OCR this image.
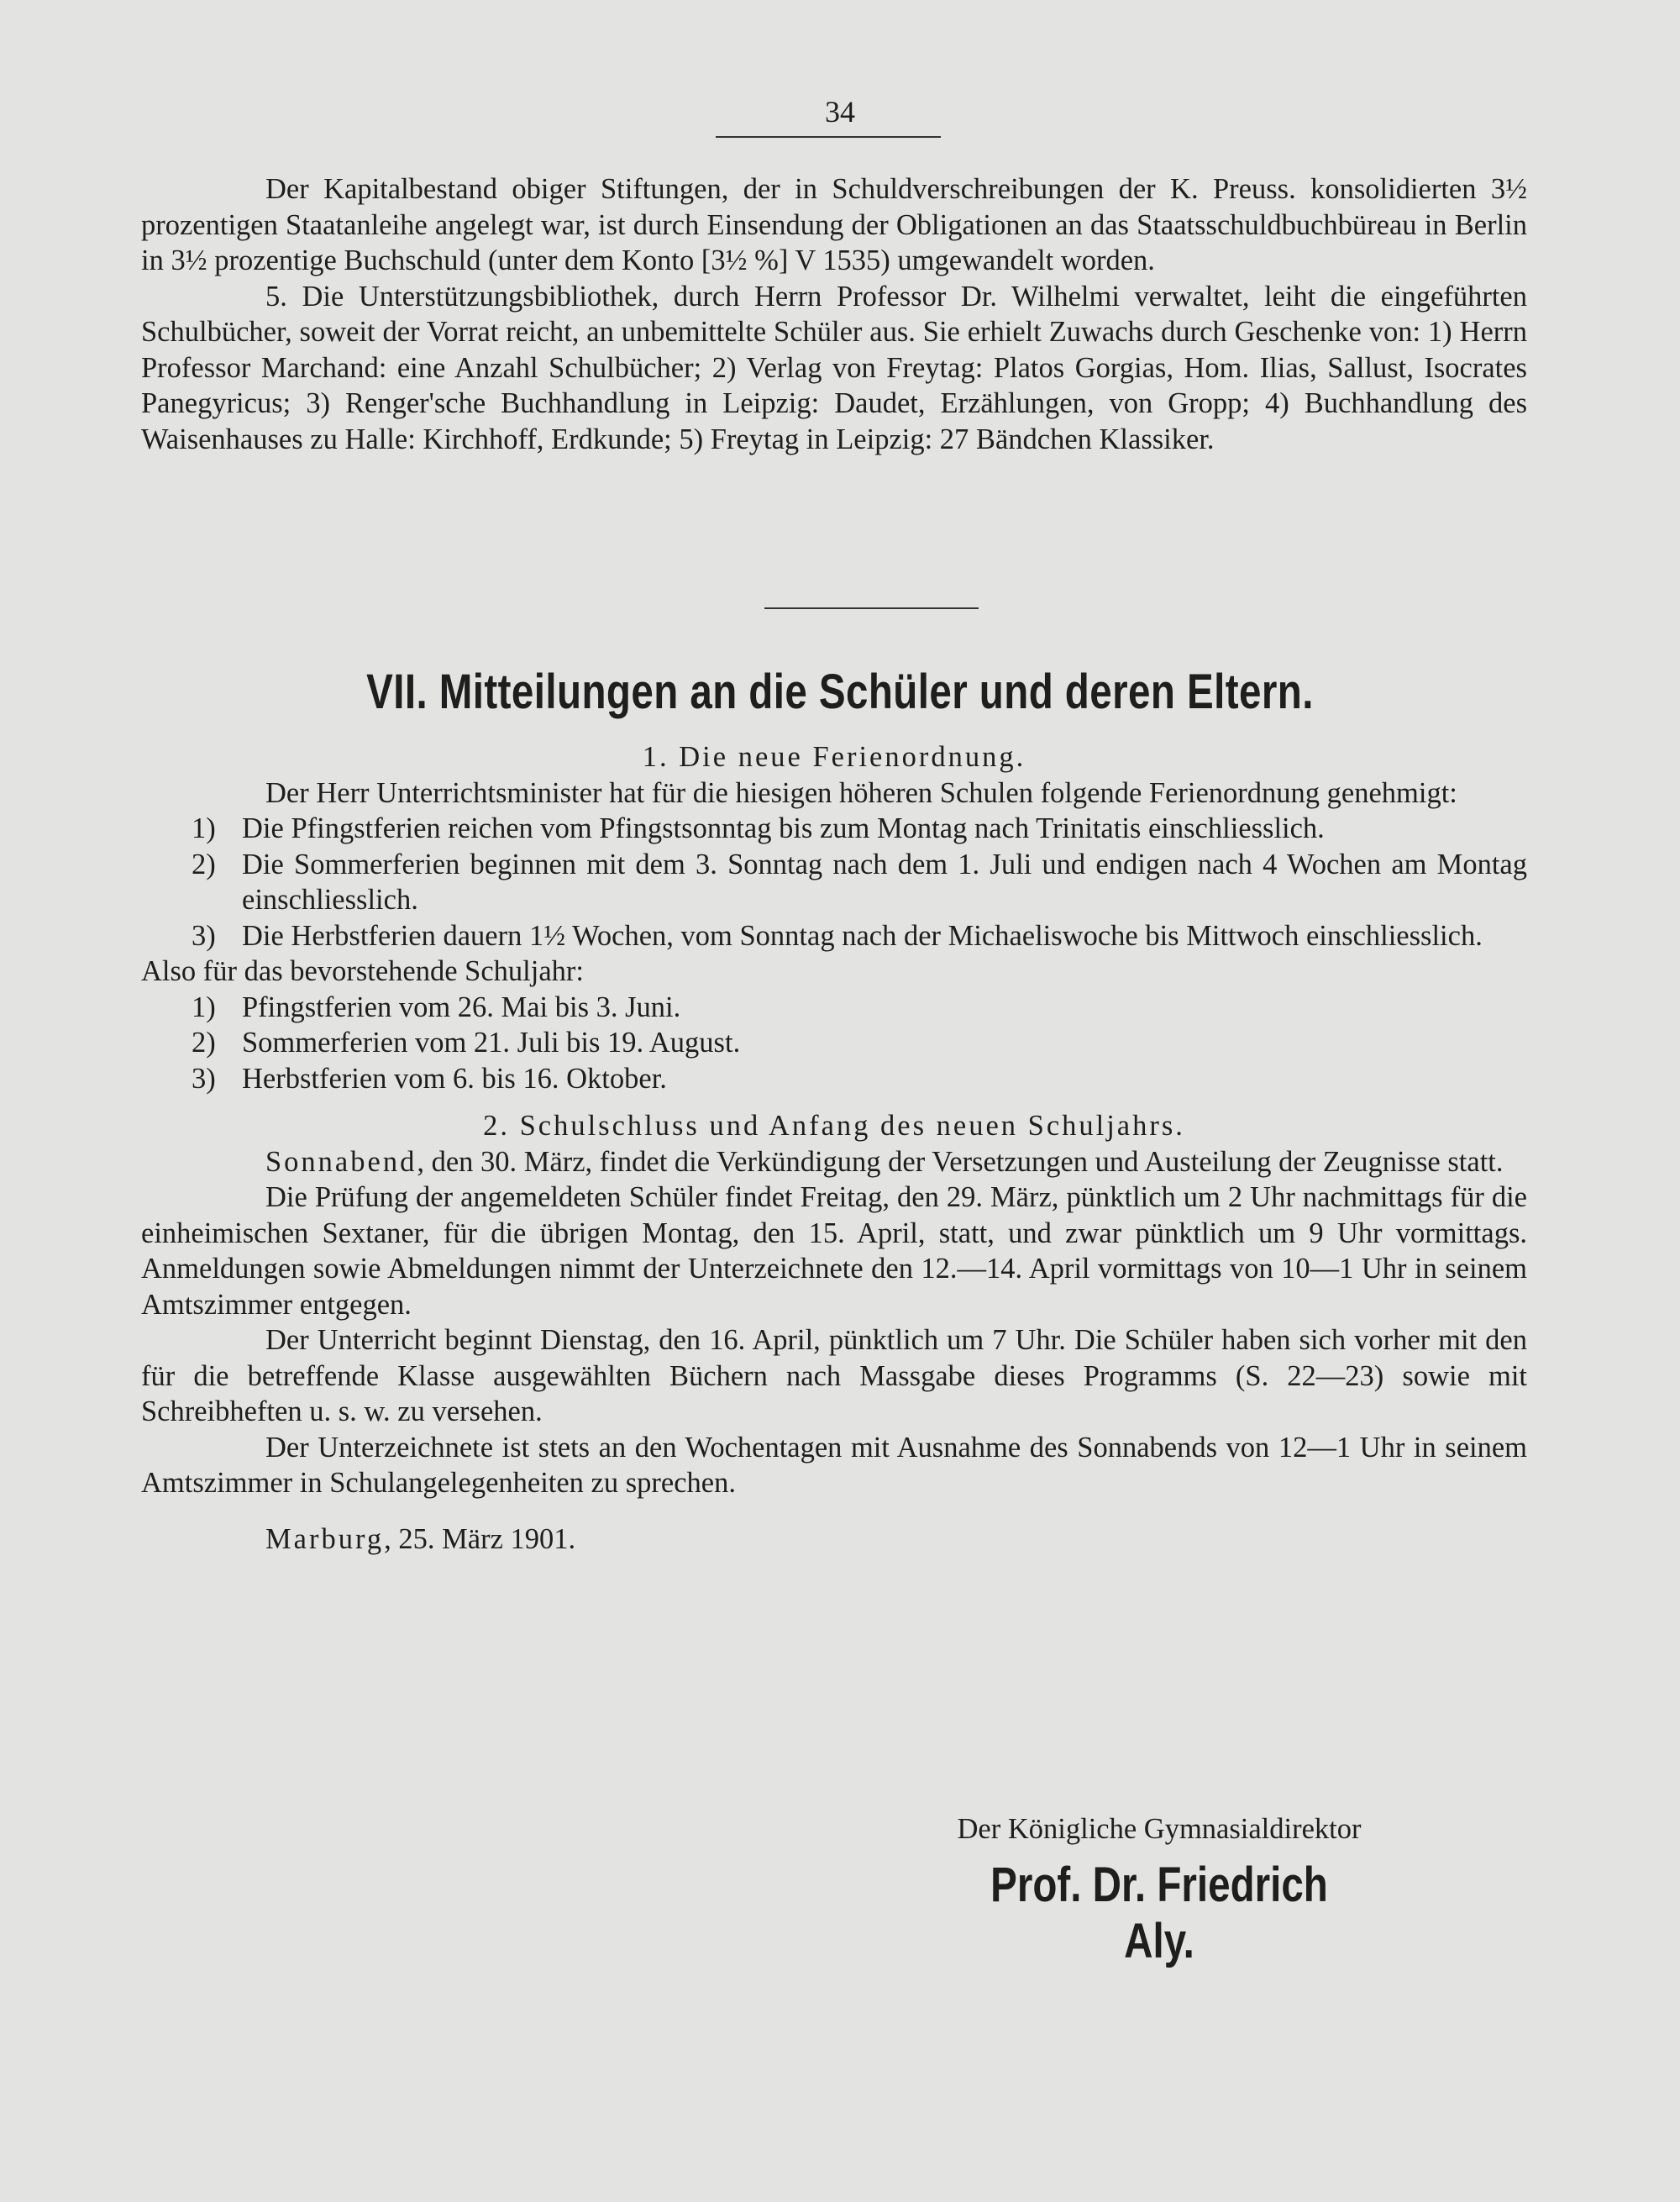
34

Der Kapitalbestand obiger Stiftungen, der in Schuldverschreibungen der K. Preuss. konsolidierten 3½ prozentigen Staatanleihe angelegt war, ist durch Einsendung der Obligationen an das Staatsschuldbuchbüreau in Berlin in 3½ prozentige Buchschuld (unter dem Konto [3½ %] V 1535) umgewandelt worden.

5. Die Unterstützungsbibliothek, durch Herrn Professor Dr. Wilhelmi verwaltet, leiht die eingeführten Schulbücher, soweit der Vorrat reicht, an unbemittelte Schüler aus. Sie erhielt Zuwachs durch Geschenke von: 1) Herrn Professor Marchand: eine Anzahl Schulbücher; 2) Verlag von Freytag: Platos Gorgias, Hom. Ilias, Sallust, Isocrates Panegyricus; 3) Renger'sche Buchhandlung in Leipzig: Daudet, Erzählungen, von Gropp; 4) Buchhandlung des Waisenhauses zu Halle: Kirchhoff, Erdkunde; 5) Freytag in Leipzig: 27 Bändchen Klassiker.

VII. Mitteilungen an die Schüler und deren Eltern.

1. Die neue Ferienordnung.

Der Herr Unterrichtsminister hat für die hiesigen höheren Schulen folgende Ferienordnung genehmigt:

1) Die Pfingstferien reichen vom Pfingstsonntag bis zum Montag nach Trinitatis einschliesslich.
2) Die Sommerferien beginnen mit dem 3. Sonntag nach dem 1. Juli und endigen nach 4 Wochen am Montag einschliesslich.
3) Die Herbstferien dauern 1½ Wochen, vom Sonntag nach der Michaeliswoche bis Mittwoch einschliesslich.

Also für das bevorstehende Schuljahr:

1) Pfingstferien vom 26. Mai bis 3. Juni.
2) Sommerferien vom 21. Juli bis 19. August.
3) Herbstferien vom 6. bis 16. Oktober.

2. Schulschluss und Anfang des neuen Schuljahrs.

Sonnabend, den 30. März, findet die Verkündigung der Versetzungen und Austeilung der Zeugnisse statt.

Die Prüfung der angemeldeten Schüler findet Freitag, den 29. März, pünktlich um 2 Uhr nachmittags für die einheimischen Sextaner, für die übrigen Montag, den 15. April, statt, und zwar pünktlich um 9 Uhr vormittags. Anmeldungen sowie Abmeldungen nimmt der Unterzeichnete den 12.—14. April vormittags von 10—1 Uhr in seinem Amtszimmer entgegen.

Der Unterricht beginnt Dienstag, den 16. April, pünktlich um 7 Uhr. Die Schüler haben sich vorher mit den für die betreffende Klasse ausgewählten Büchern nach Massgabe dieses Programms (S. 22—23) sowie mit Schreibheften u. s. w. zu versehen.

Der Unterzeichnete ist stets an den Wochentagen mit Ausnahme des Sonnabends von 12—1 Uhr in seinem Amtszimmer in Schulangelegenheiten zu sprechen.

Marburg, 25. März 1901.

Der Königliche Gymnasialdirektor
Prof. Dr. Friedrich Aly.
